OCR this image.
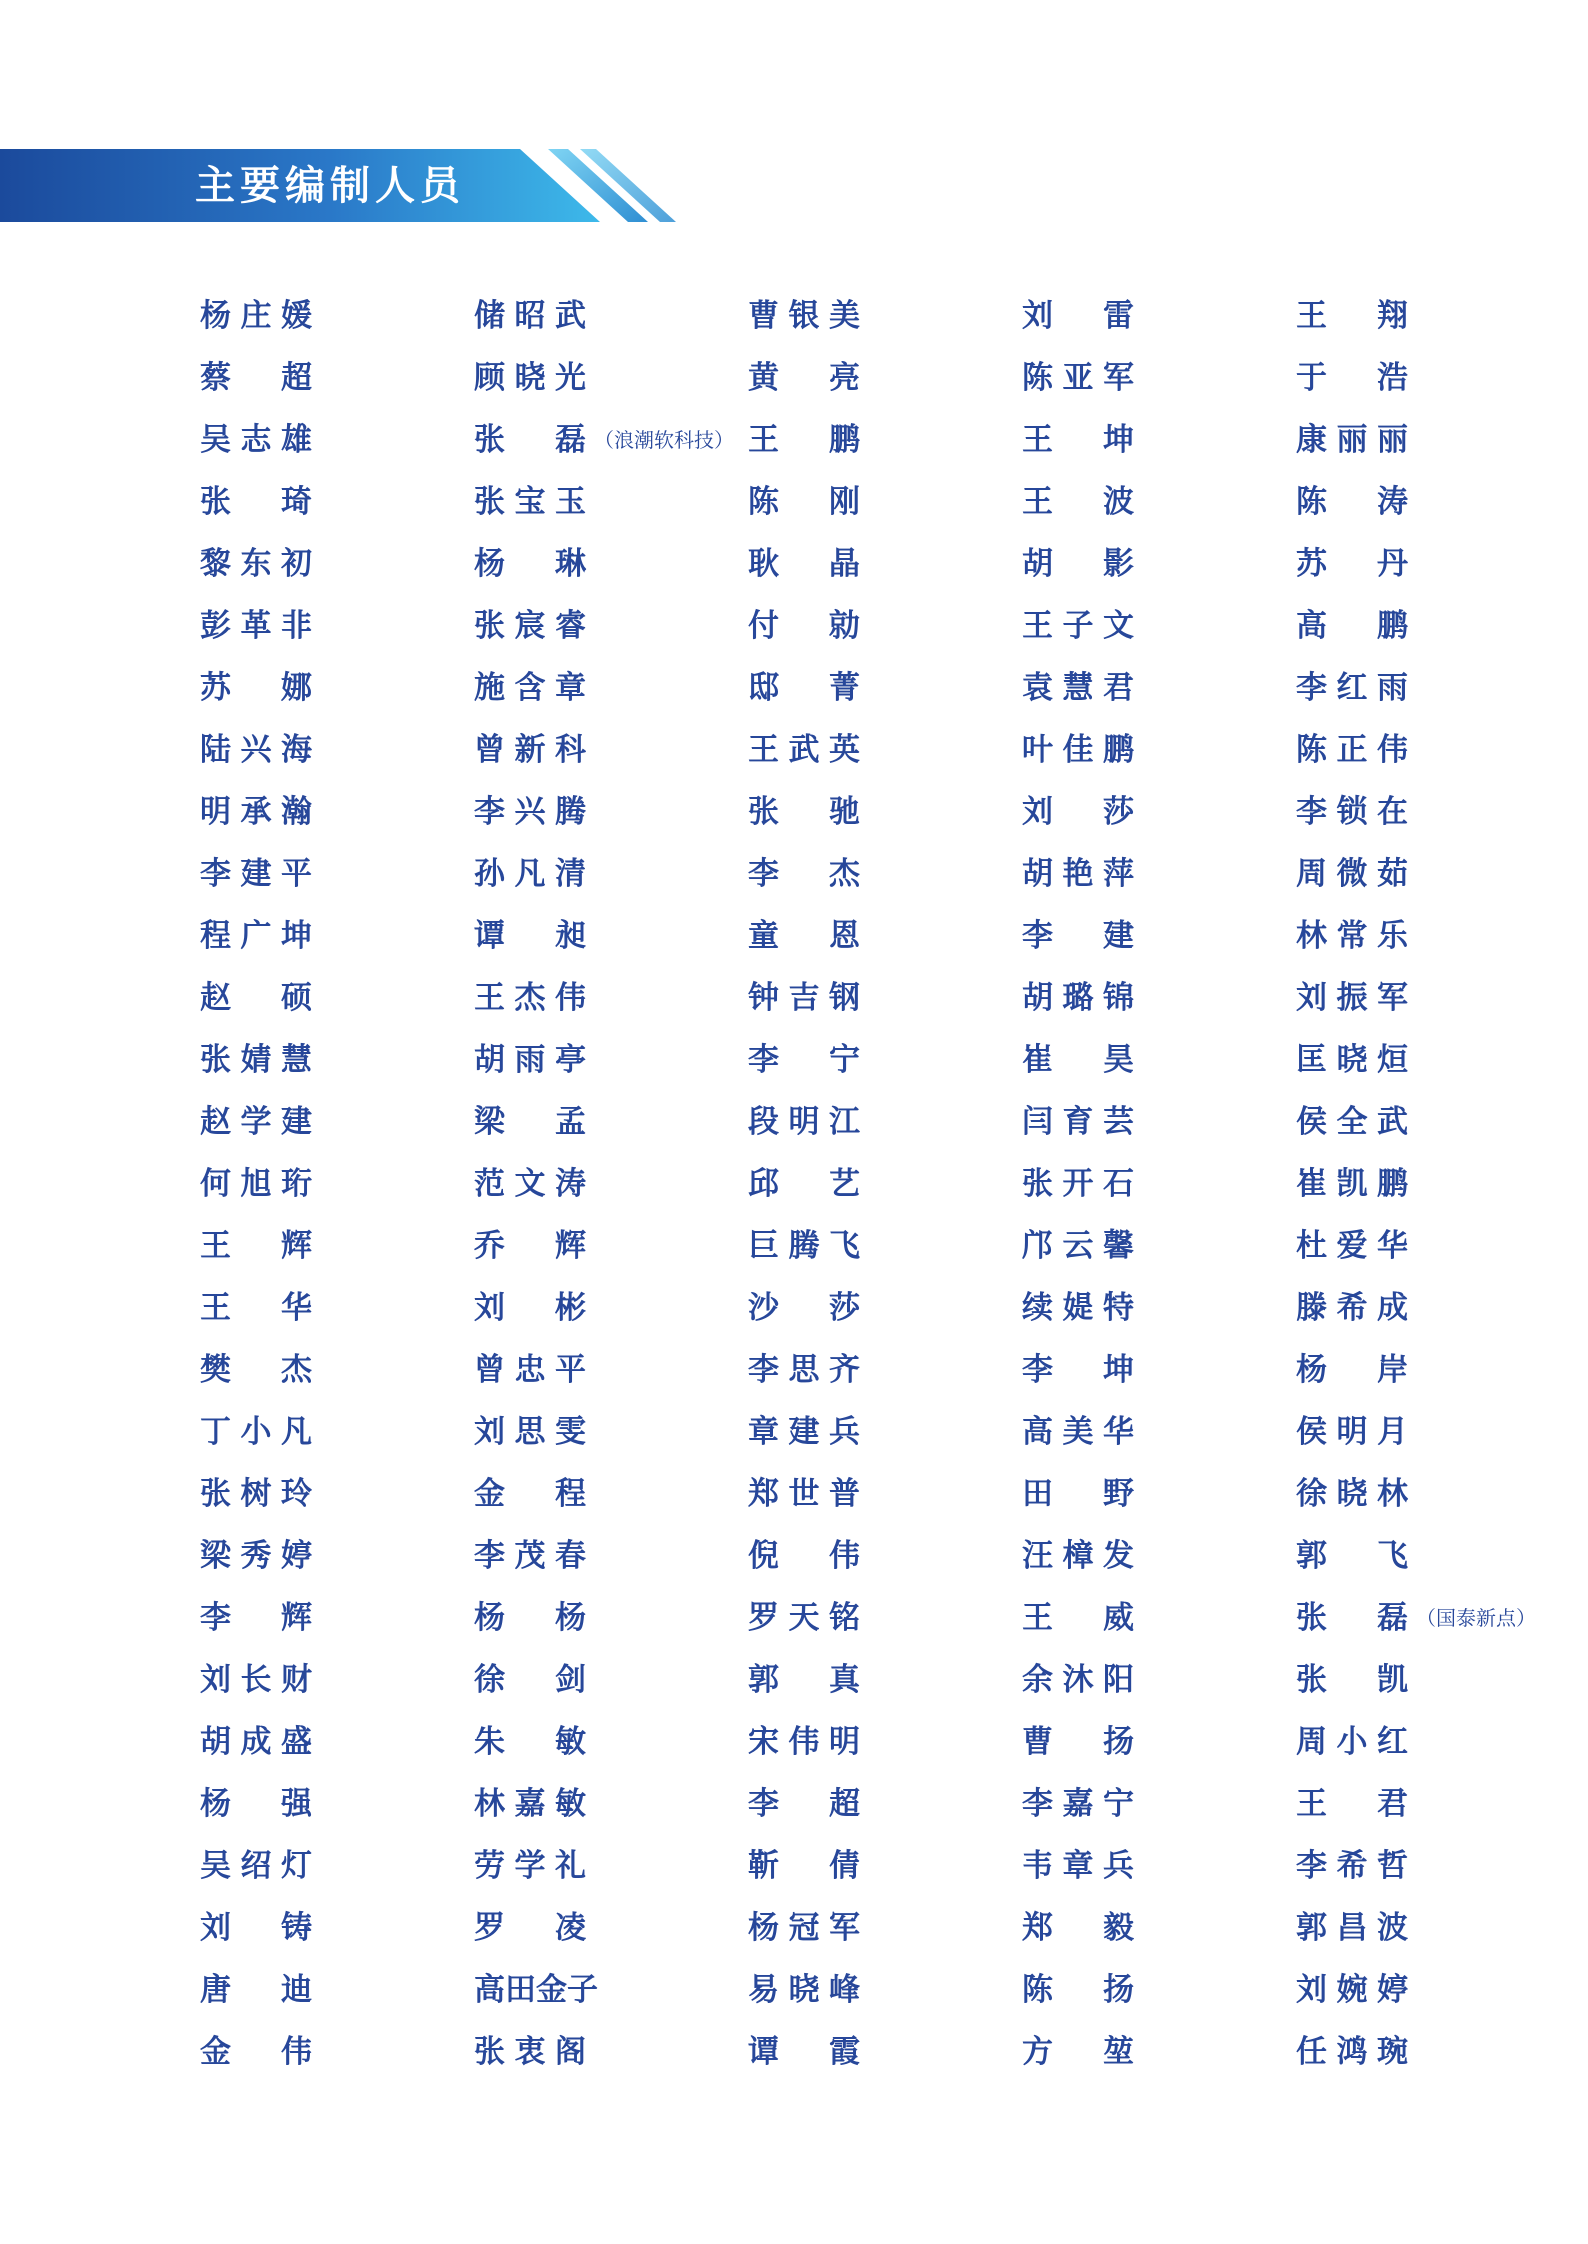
主要编制人员
杨庄媛
蔡超
吴志雄
张琦
黎东初
彭革非
苏娜
陆兴海
明承瀚
李建平
程广坤
赵硕
张婧慧
赵学建
何旭珩
王辉
王华
樊杰
丁小凡
张树玲
梁秀婷
李辉
刘长财
胡成盛
杨强
吴绍灯
刘铸
唐迪
金伟
储昭武
顾晓光
张磊 （浪潮软科技）
张宝玉
杨琳
张宸睿
施含章
曾新科
李兴腾
孙凡清
谭昶
王杰伟
胡雨亭
梁孟
范文涛
乔辉
刘彬
曾忠平
刘思雯
金程
李茂春
杨杨
徐剑
朱敏
林嘉敏
劳学礼
罗凌
高田金子
张衷阁
曹银美
黄亮
王鹏
陈刚
耿晶
付勍
邸菁
王武英
张驰
李杰
童恩
钟吉钢
李宁
段明江
邱艺
巨腾飞
沙莎
李思齐
章建兵
郑世普
倪伟
罗天铭
郭真
宋伟明
李超
靳倩
杨冠军
易晓峰
谭霞
刘雷
陈亚军
王坤
王波
胡影
王子文
袁慧君
叶佳鹏
刘莎
胡艳萍
李建
胡璐锦
崔昊
闫育芸
张开石
邝云馨
续媞特
李坤
高美华
田野
汪樟发
王威
余沐阳
曹扬
李嘉宁
韦章兵
郑毅
陈扬
方堃
王翔
于浩
康丽丽
陈涛
苏丹
高鹏
李红雨
陈正伟
李锁在
周微茹
林常乐
刘振军
匡晓烜
侯全武
崔凯鹏
杜爱华
滕希成
杨岸
侯明月
徐晓林
郭飞
张磊 （国泰新点）
张凯
周小红
王君
李希哲
郭昌波
刘婉婷
任鸿琬
